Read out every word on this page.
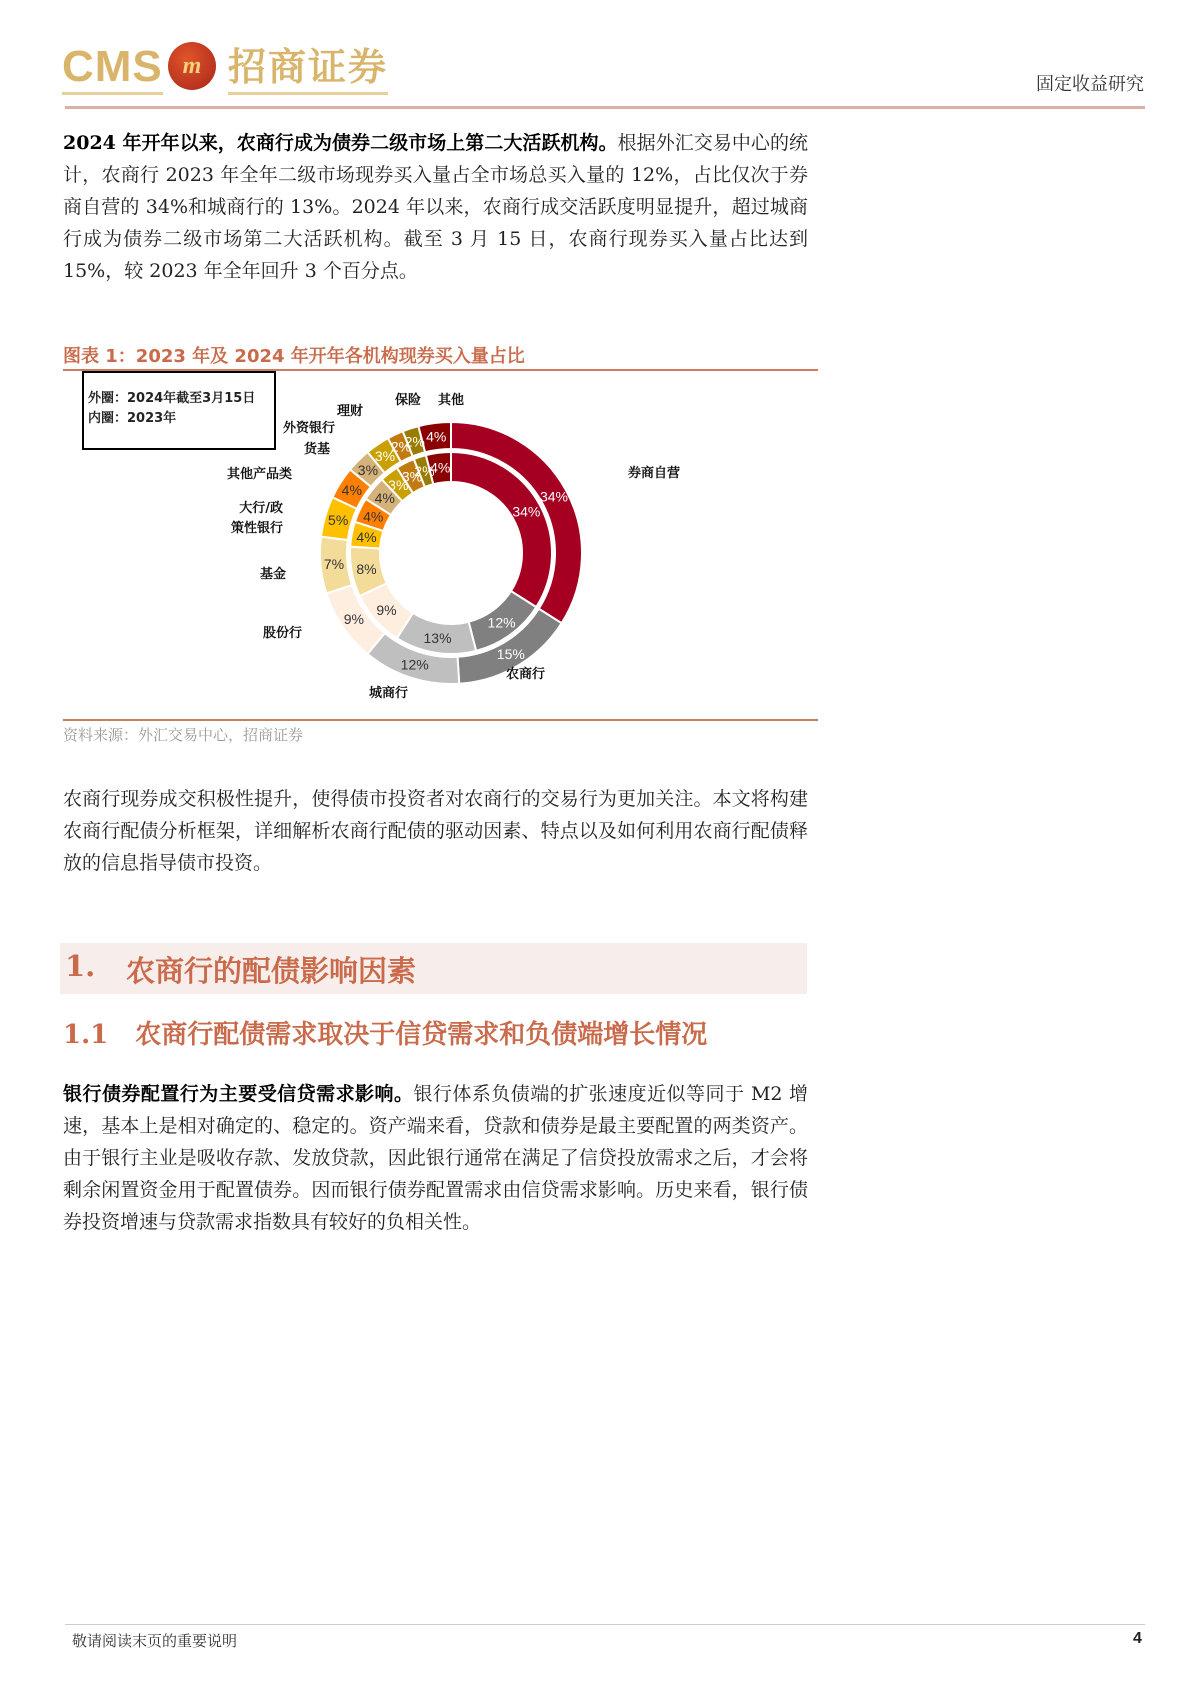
CMS m 招商证券	固定收益研究
2024 年开年以来，农商行成为债券二级市场上第二大活跃机构。根据外汇交易中心的统计，农商行 2023 年全年二级市场现券买入量占全市场总买入量的 12%，占比仅次于券商自营的 34%和城商行的 13%。2024 年以来，农商行成交活跃度明显提升，超过城商行成为债券二级市场第二大活跃机构。截至 3 月 15 日，农商行现券买入量占比达到 15%，较 2023 年全年回升 3 个百分点。
图表 1：2023 年及 2024 年开年各机构现券买入量占比
外圈：2024年截至3月15日
内圈：2023年
34%
15%
12%
9%
7%
5%
4%
3%
3%
2%
2% 4%
34%
12%
13%
9%
8%
4%
4%
4%
3%
3%
2%
4%	券商自营
农商行
城商行
股份行
基金
大行/政策性银行
其他产品类
货基
外资银行
理财
保险 其他
资料来源：外汇交易中心，招商证券
农商行现券成交积极性提升，使得债市投资者对农商行的交易行为更加关注。本文将构建农商行配债分析框架，详细解析农商行配债的驱动因素、特点以及如何利用农商行配债释放的信息指导债市投资。
1. 农商行的配债影响因素
1.1 农商行配债需求取决于信贷需求和负债端增长情况
银行债券配置行为主要受信贷需求影响。银行体系负债端的扩张速度近似等同于 M2 增速，基本上是相对确定的、稳定的。资产端来看，贷款和债券是最主要配置的两类资产。由于银行主业是吸收存款、发放贷款，因此银行通常在满足了信贷投放需求之后，才会将剩余闲置资金用于配置债券。因而银行债券配置需求由信贷需求影响。历史来看，银行债券投资增速与贷款需求指数具有较好的负相关性。
敬请阅读末页的重要说明	4
